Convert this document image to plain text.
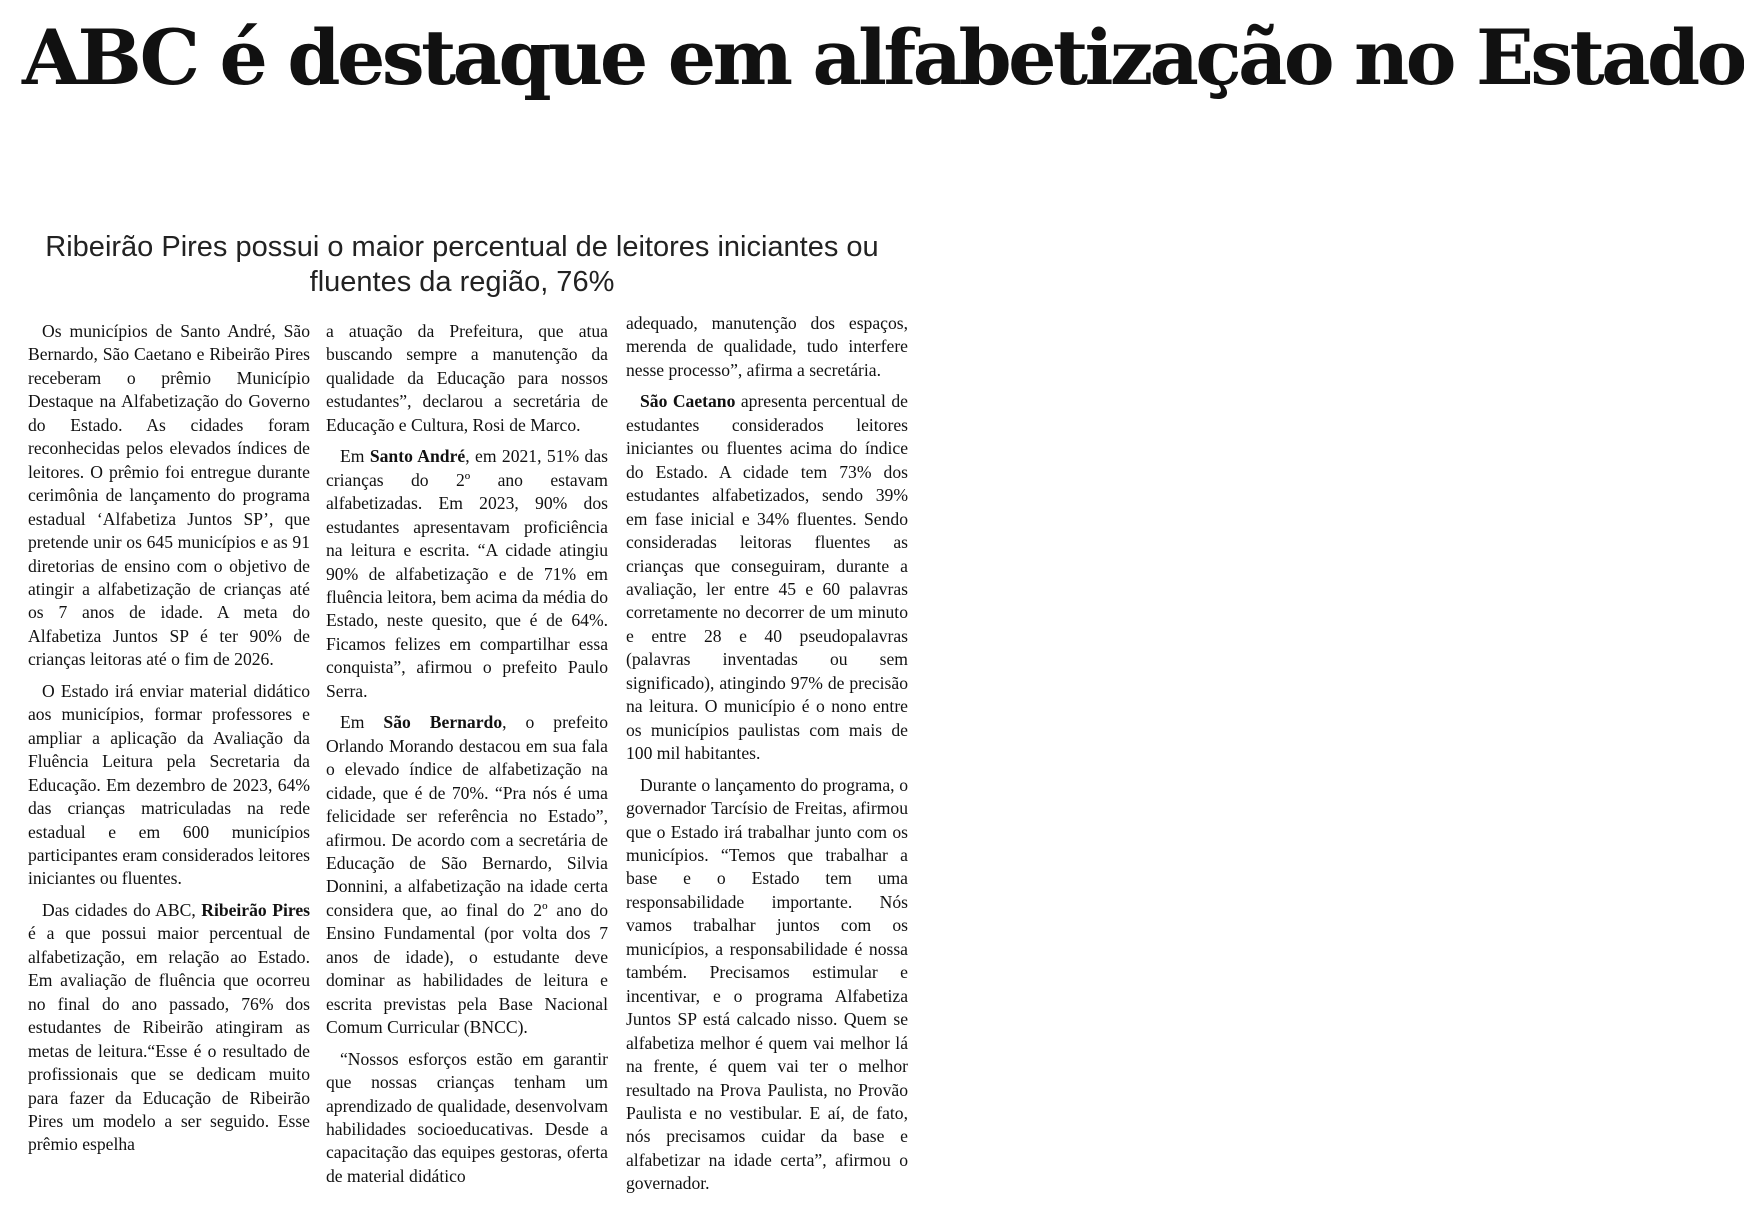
ABC é destaque em alfabetização no Estado
Ribeirão Pires possui o maior percentual de leitores iniciantes ou fluentes da região, 76%

Os municípios de Santo André, São Bernardo, São Caetano e Ribeirão Pires receberam o prêmio Município Destaque na Alfabetização do Governo do Estado. As cidades foram reconhecidas pelos elevados índices de leitores. O prêmio foi entregue durante cerimônia de lançamento do programa estadual ‘Alfabetiza Juntos SP’, que pretende unir os 645 municípios e as 91 diretorias de ensino com o objetivo de atingir a alfabetização de crianças até os 7 anos de idade. A meta do Alfabetiza Juntos SP é ter 90% de crianças leitoras até o fim de 2026.

O Estado irá enviar material didático aos municípios, formar professores e ampliar a aplicação da Avaliação da Fluência Leitura pela Secretaria da Educação. Em dezembro de 2023, 64% das crianças matriculadas na rede estadual e em 600 municípios participantes eram considerados leitores iniciantes ou fluentes.

Das cidades do ABC, Ribeirão Pires é a que possui maior percentual de alfabetização, em relação ao Estado. Em avaliação de fluência que ocorreu no final do ano passado, 76% dos estudantes de Ribeirão atingiram as metas de leitura.“Esse é o resultado de profissionais que se dedicam muito para fazer da Educação de Ribeirão Pires um modelo a ser seguido. Esse prêmio espelha

a atuação da Prefeitura, que atua buscando sempre a manutenção da qualidade da Educação para nossos estudantes”, declarou a secretária de Educação e Cultura, Rosi de Marco.

Em Santo André, em 2021, 51% das crianças do 2º ano estavam alfabetizadas. Em 2023, 90% dos estudantes apresentavam proficiência na leitura e escrita. “A cidade atingiu 90% de alfabetização e de 71% em fluência leitora, bem acima da média do Estado, neste quesito, que é de 64%. Ficamos felizes em compartilhar essa conquista”, afirmou o prefeito Paulo Serra.

Em São Bernardo, o prefeito Orlando Morando destacou em sua fala o elevado índice de alfabetização na cidade, que é de 70%. “Pra nós é uma felicidade ser referência no Estado”, afirmou. De acordo com a secretária de Educação de São Bernardo, Silvia Donnini, a alfabetização na idade certa considera que, ao final do 2º ano do Ensino Fundamental (por volta dos 7 anos de idade), o estudante deve dominar as habilidades de leitura e escrita previstas pela Base Nacional Comum Curricular (BNCC).

“Nossos esforços estão em garantir que nossas crianças tenham um aprendizado de qualidade, desenvolvam habilidades socioeducativas. Desde a capacitação das equipes gestoras, oferta de material didático

adequado, manutenção dos espaços, merenda de qualidade, tudo interfere nesse processo”, afirma a secretária.

São Caetano apresenta percentual de estudantes considerados leitores iniciantes ou fluentes acima do índice do Estado. A cidade tem 73% dos estudantes alfabetizados, sendo 39% em fase inicial e 34% fluentes. Sendo consideradas leitoras fluentes as crianças que conseguiram, durante a avaliação, ler entre 45 e 60 palavras corretamente no decorrer de um minuto e entre 28 e 40 pseudopalavras (palavras inventadas ou sem significado), atingindo 97% de precisão na leitura. O município é o nono entre os municípios paulistas com mais de 100 mil habitantes.

Durante o lançamento do programa, o governador Tarcísio de Freitas, afirmou que o Estado irá trabalhar junto com os municípios. “Temos que trabalhar a base e o Estado tem uma responsabilidade importante. Nós vamos trabalhar juntos com os municípios, a responsabilidade é nossa também. Precisamos estimular e incentivar, e o programa Alfabetiza Juntos SP está calcado nisso. Quem se alfabetiza melhor é quem vai melhor lá na frente, é quem vai ter o melhor resultado na Prova Paulista, no Provão Paulista e no vestibular. E aí, de fato, nós precisamos cuidar da base e alfabetizar na idade certa”, afirmou o governador.
